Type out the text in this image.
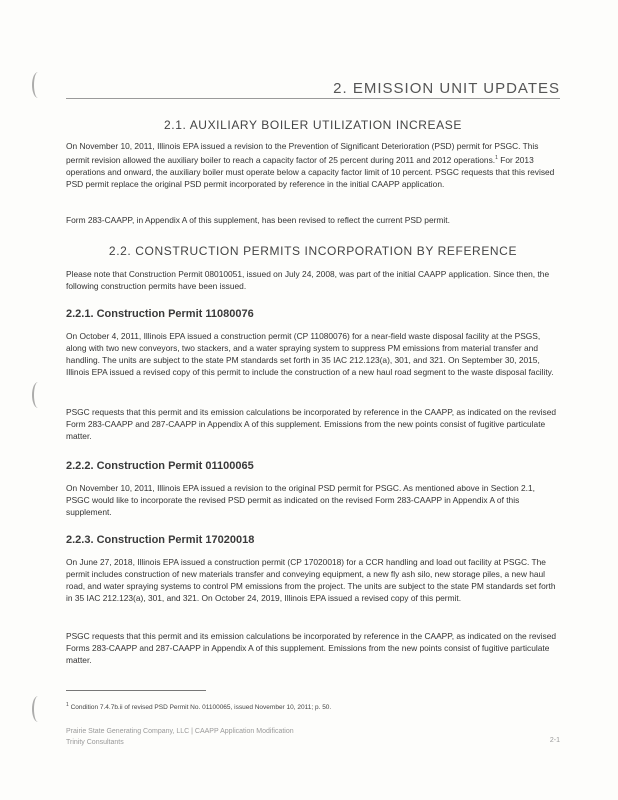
2. EMISSION UNIT UPDATES
2.1. AUXILIARY BOILER UTILIZATION INCREASE

On November 10, 2011, Illinois EPA issued a revision to the Prevention of Significant Deterioration (PSD) permit for PSGC. This permit revision allowed the auxiliary boiler to reach a capacity factor of 25 percent during 2011 and 2012 operations.$^1$ For 2013 operations and onward, the auxiliary boiler must operate below a capacity factor limit of 10 percent. PSGC requests that this revised PSD permit replace the original PSD permit incorporated by reference in the initial CAAPP application.

Form 283-CAAPP, in Appendix A of this supplement, has been revised to reflect the current PSD permit.

2.2. CONSTRUCTION PERMITS INCORPORATION BY REFERENCE

Please note that Construction Permit 08010051, issued on July 24, 2008, was part of the initial CAAPP application. Since then, the following construction permits have been issued.

2.2.1. Construction Permit 11080076

On October 4, 2011, Illinois EPA issued a construction permit (CP 11080076) for a near-field waste disposal facility at the PSGS, along with two new conveyors, two stackers, and a water spraying system to suppress PM emissions from material transfer and handling. The units are subject to the state PM standards set forth in 35 IAC 212.123(a), 301, and 321. On September 30, 2015, Illinois EPA issued a revised copy of this permit to include the construction of a new haul road segment to the waste disposal facility.

PSGC requests that this permit and its emission calculations be incorporated by reference in the CAAPP, as indicated on the revised Form 283-CAAPP and 287-CAAPP in Appendix A of this supplement. Emissions from the new points consist of fugitive particulate matter.

2.2.2. Construction Permit 01100065

On November 10, 2011, Illinois EPA issued a revision to the original PSD permit for PSGC. As mentioned above in Section 2.1, PSGC would like to incorporate the revised PSD permit as indicated on the revised Form 283-CAAPP in Appendix A of this supplement.

2.2.3. Construction Permit 17020018

On June 27, 2018, Illinois EPA issued a construction permit (CP 17020018) for a CCR handling and load out facility at PSGC. The permit includes construction of new materials transfer and conveying equipment, a new fly ash silo, new storage piles, a new haul road, and water spraying systems to control PM emissions from the project. The units are subject to the state PM standards set forth in 35 IAC 212.123(a), 301, and 321. On October 24, 2019, Illinois EPA issued a revised copy of this permit.

PSGC requests that this permit and its emission calculations be incorporated by reference in the CAAPP, as indicated on the revised Forms 283-CAAPP and 287-CAAPP in Appendix A of this supplement. Emissions from the new points consist of fugitive particulate matter.

$^1$ Condition 7.4.7b.ii of revised PSD Permit No. 01100065, issued November 10, 2011; p. 50.
Prairie State Generating Company, LLC | CAAPP Application Modification
Trinity Consultants	2-1
